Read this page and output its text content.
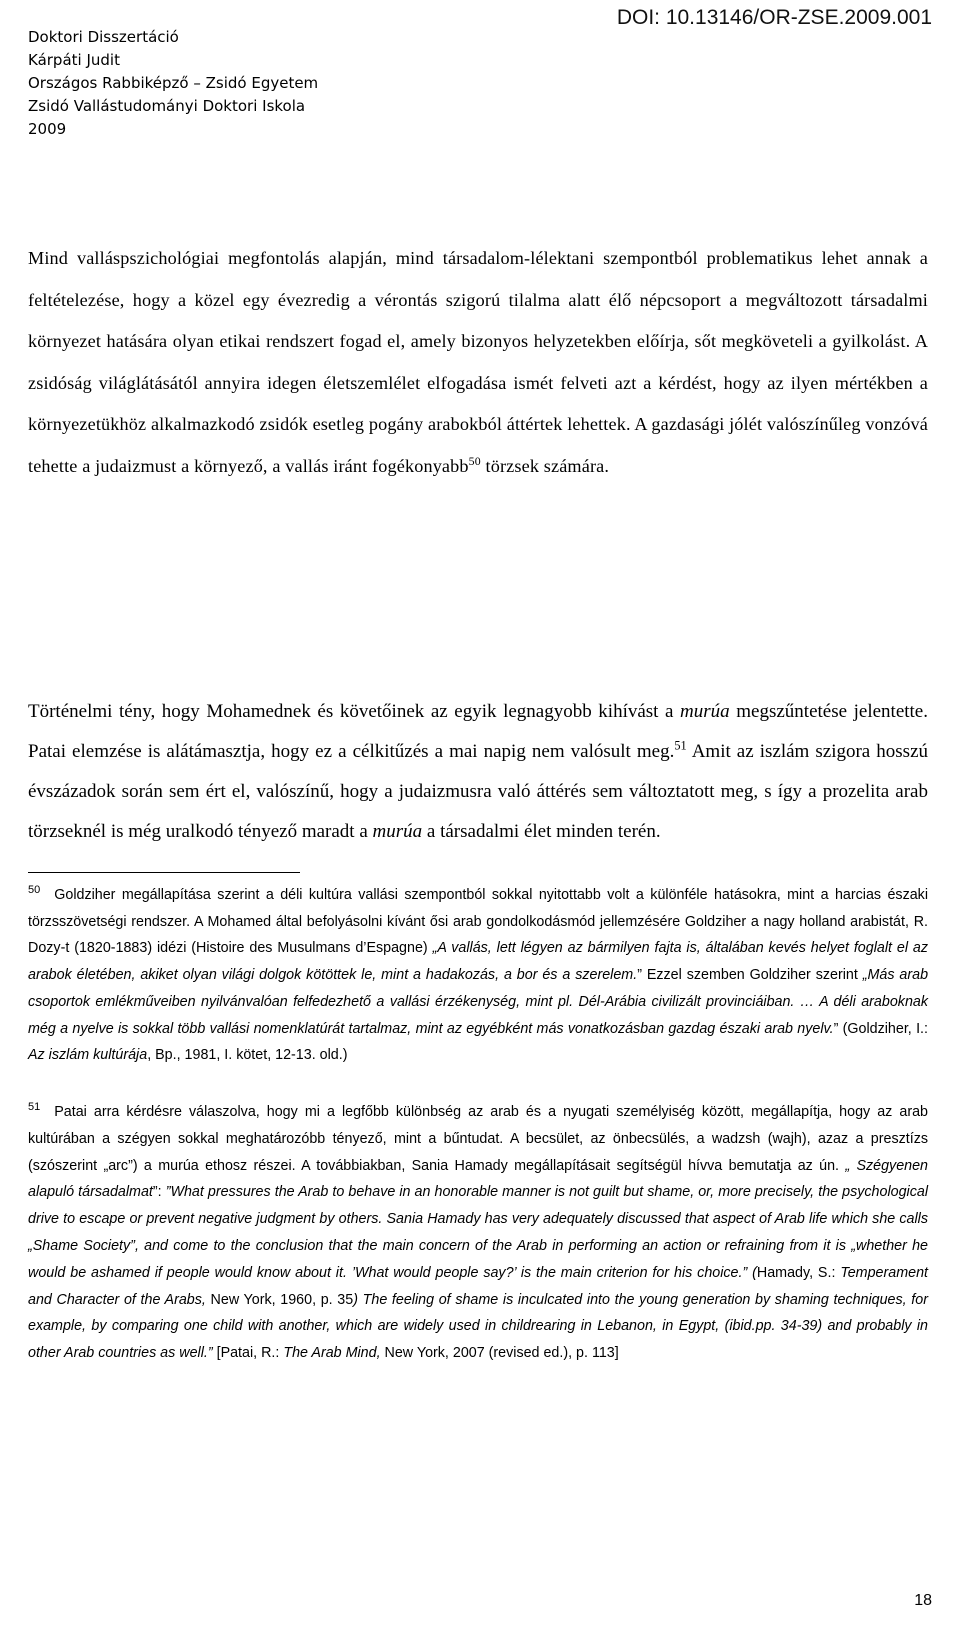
DOI: 10.13146/OR-ZSE.2009.001
Doktori Disszertáció
Kárpáti Judit
Országos Rabbiképző – Zsidó Egyetem
Zsidó Vallástudományi Doktori Iskola
2009
Mind valláspszichológiai megfontolás alapján, mind társadalom-lélektani szempontból problematikus lehet annak a feltételezése, hogy a közel egy évezredig a vérontás szigorú tilalma alatt élő népcsoport a megváltozott társadalmi környezet hatására olyan etikai rendszert fogad el, amely bizonyos helyzetekben előírja, sőt megköveteli a gyilkolást. A zsidóság világlátásától annyira idegen életszemlélet elfogadása ismét felveti azt a kérdést, hogy az ilyen mértékben a környezetükhöz alkalmazkodó zsidók esetleg pogány arabokból áttértek lehettek. A gazdasági jólét valószínűleg vonzóvá tehette a judaizmust a környező, a vallás iránt fogékonyabb$^{50}$ törzsek számára.
Történelmi tény, hogy Mohamednek és követőinek az egyik legnagyobb kihívást a murúa megszűntetése jelentette. Patai elemzése is alátámasztja, hogy ez a célkitűzés a mai napig nem valósult meg.$^{51}$ Amit az iszlám szigora hosszú évszázadok során sem ért el, valószínű, hogy a judaizmusra való áttérés sem változtatott meg, s így a prozelita arab törzseknél is még uralkodó tényező maradt a murúa a társadalmi élet minden terén.
$^{50}$ Goldziher megállapítása szerint a déli kultúra vallási szempontból sokkal nyitottabb volt a különféle hatásokra, mint a harcias északi törzsszövetségi rendszer. A Mohamed által befolyásolni kívánt ősi arab gondolkodásmód jellemzésére Goldziher a nagy holland arabistát, R. Dozy-t (1820-1883) idézi (Histoire des Musulmans d’Espagne) „A vallás, lett légyen az bármilyen fajta is, általában kevés helyet foglalt el az arabok életében, akiket olyan világi dolgok kötöttek le, mint a hadakozás, a bor és a szerelem.” Ezzel szemben Goldziher szerint „Más arab csoportok emlékműveiben nyilvánvalóan felfedezhető a vallási érzékenység, mint pl. Dél-Arábia civilizált provinciáiban. … A déli araboknak még a nyelve is sokkal több vallási nomenklatúrát tartalmaz, mint az egyébként más vonatkozásban gazdag északi arab nyelv.” (Goldziher, I.: Az iszlám kultúrája, Bp., 1981, I. kötet, 12-13. old.)
$^{51}$ Patai arra kérdésre válaszolva, hogy mi a legfőbb különbség az arab és a nyugati személyiség között, megállapítja, hogy az arab kultúrában a szégyen sokkal meghatározóbb tényező, mint a bűntudat. A becsület, az önbecsülés, a wadzsh (wajh), azaz a presztízs (szószerint „arc”) a murúa ethosz részei. A továbbiakban, Sania Hamady megállapításait segítségül hívva bemutatja az ún. „ Szégyenen alapuló társadalmat”: ”What pressures the Arab to behave in an honorable manner is not guilt but shame, or, more precisely, the psychological drive to escape or prevent negative judgment by others. Sania Hamady has very adequately discussed that aspect of Arab life which she calls „Shame Society”, and come to the conclusion that the main concern of the Arab in performing an action or refraining from it is „whether he would be ashamed if people would know about it. ’What would people say?’ is the main criterion for his choice.” (Hamady, S.: Temperament and Character of the Arabs, New York, 1960, p. 35) The feeling of shame is inculcated into the young generation by shaming techniques, for example, by comparing one child with another, which are widely used in childrearing in Lebanon, in Egypt, (ibid.pp. 34-39) and probably in other Arab countries as well.” [Patai, R.: The Arab Mind, New York, 2007 (revised ed.), p. 113]
18
